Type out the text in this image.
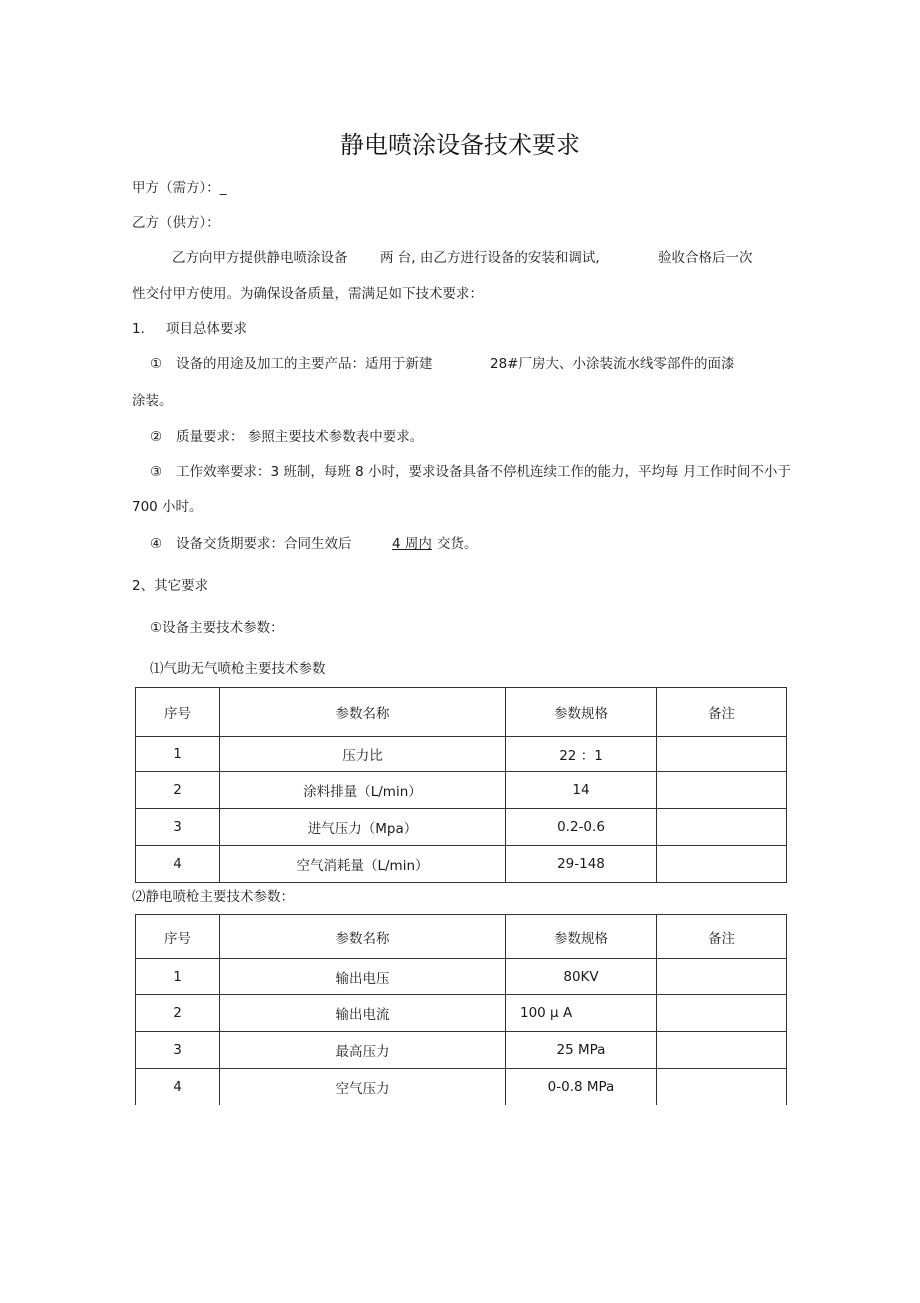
静电喷涂设备技术要求
甲方（需方）：_
乙方（供方）：
乙方向甲方提供静电喷涂设备 两 台, 由乙方进行设备的安装和调试,	验收合格后一次
性交付甲方使用。为确保设备质量，需满足如下技术要求：
1. 项目总体要求
① 设备的用途及加工的主要产品：适用于新建	28#厂房大、小涂装流水线零部件的面漆
涂装。
② 质量要求： 参照主要技术参数表中要求。
③ 工作效率要求：3 班制，每班 8 小时，要求设备具备不停机连续工作的能力，平均每 月工作时间不小于
700 小时。
④ 设备交货期要求：合同生效后	4 周内 交货。
2、其它要求
①设备主要技术参数：
⑴气助无气喷枪主要技术参数
序号	参数名称	参数规格	备注
1	压力比	22 ：1	
2	涂料排量（L/min）	14	
3	进气压力（Mpa）	0.2-0.6	
4	空气消耗量（L/min）	29-148	
⑵静电喷枪主要技术参数：
序号	参数名称	参数规格	备注
1	输出电压	80KV	
2	输出电流	100 μ A	
3	最高压力	25 MPa	
4	空气压力	0-0.8 MPa	
